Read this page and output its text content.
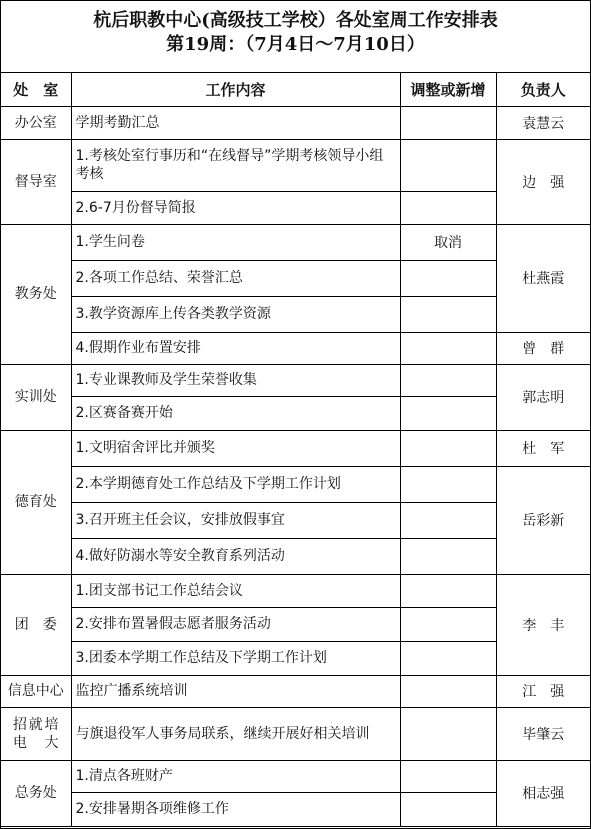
杭后职教中心(高级技工学校）各处室周工作安排表
第19周：（7月4日～7月10日）
处　室	工作内容	调整或新增	负责人
办公室	学期考勤汇总		袁慧云
督导室	1.考核处室行事历和“在线督导”学期考核领导小组考核		边　强
	2.6-7月份督导简报		
教务处	1.学生问卷	取消	杜燕霞
	2.各项工作总结、荣誉汇总		
	3.教学资源库上传各类教学资源		
	4.假期作业布置安排		曾　群
实训处	1.专业课教师及学生荣誉收集		郭志明
	2.区赛备赛开始		
德育处	1.文明宿舍评比并颁奖		杜　军
	2.本学期德育处工作总结及下学期工作计划		岳彩新
	3.召开班主任会议，安排放假事宜		
	4.做好防溺水等安全教育系列活动		
团　委	1.团支部书记工作总结会议		李　丰
	2.安排布置暑假志愿者服务活动		
	3.团委本学期工作总结及下学期工作计划		
信息中心	监控广播系统培训		江　强

招就培
电　大	与旗退役军人事务局联系，继续开展好相关培训		毕肇云
总务处	1.清点各班财产		相志强
	2.安排暑期各项维修工作		
